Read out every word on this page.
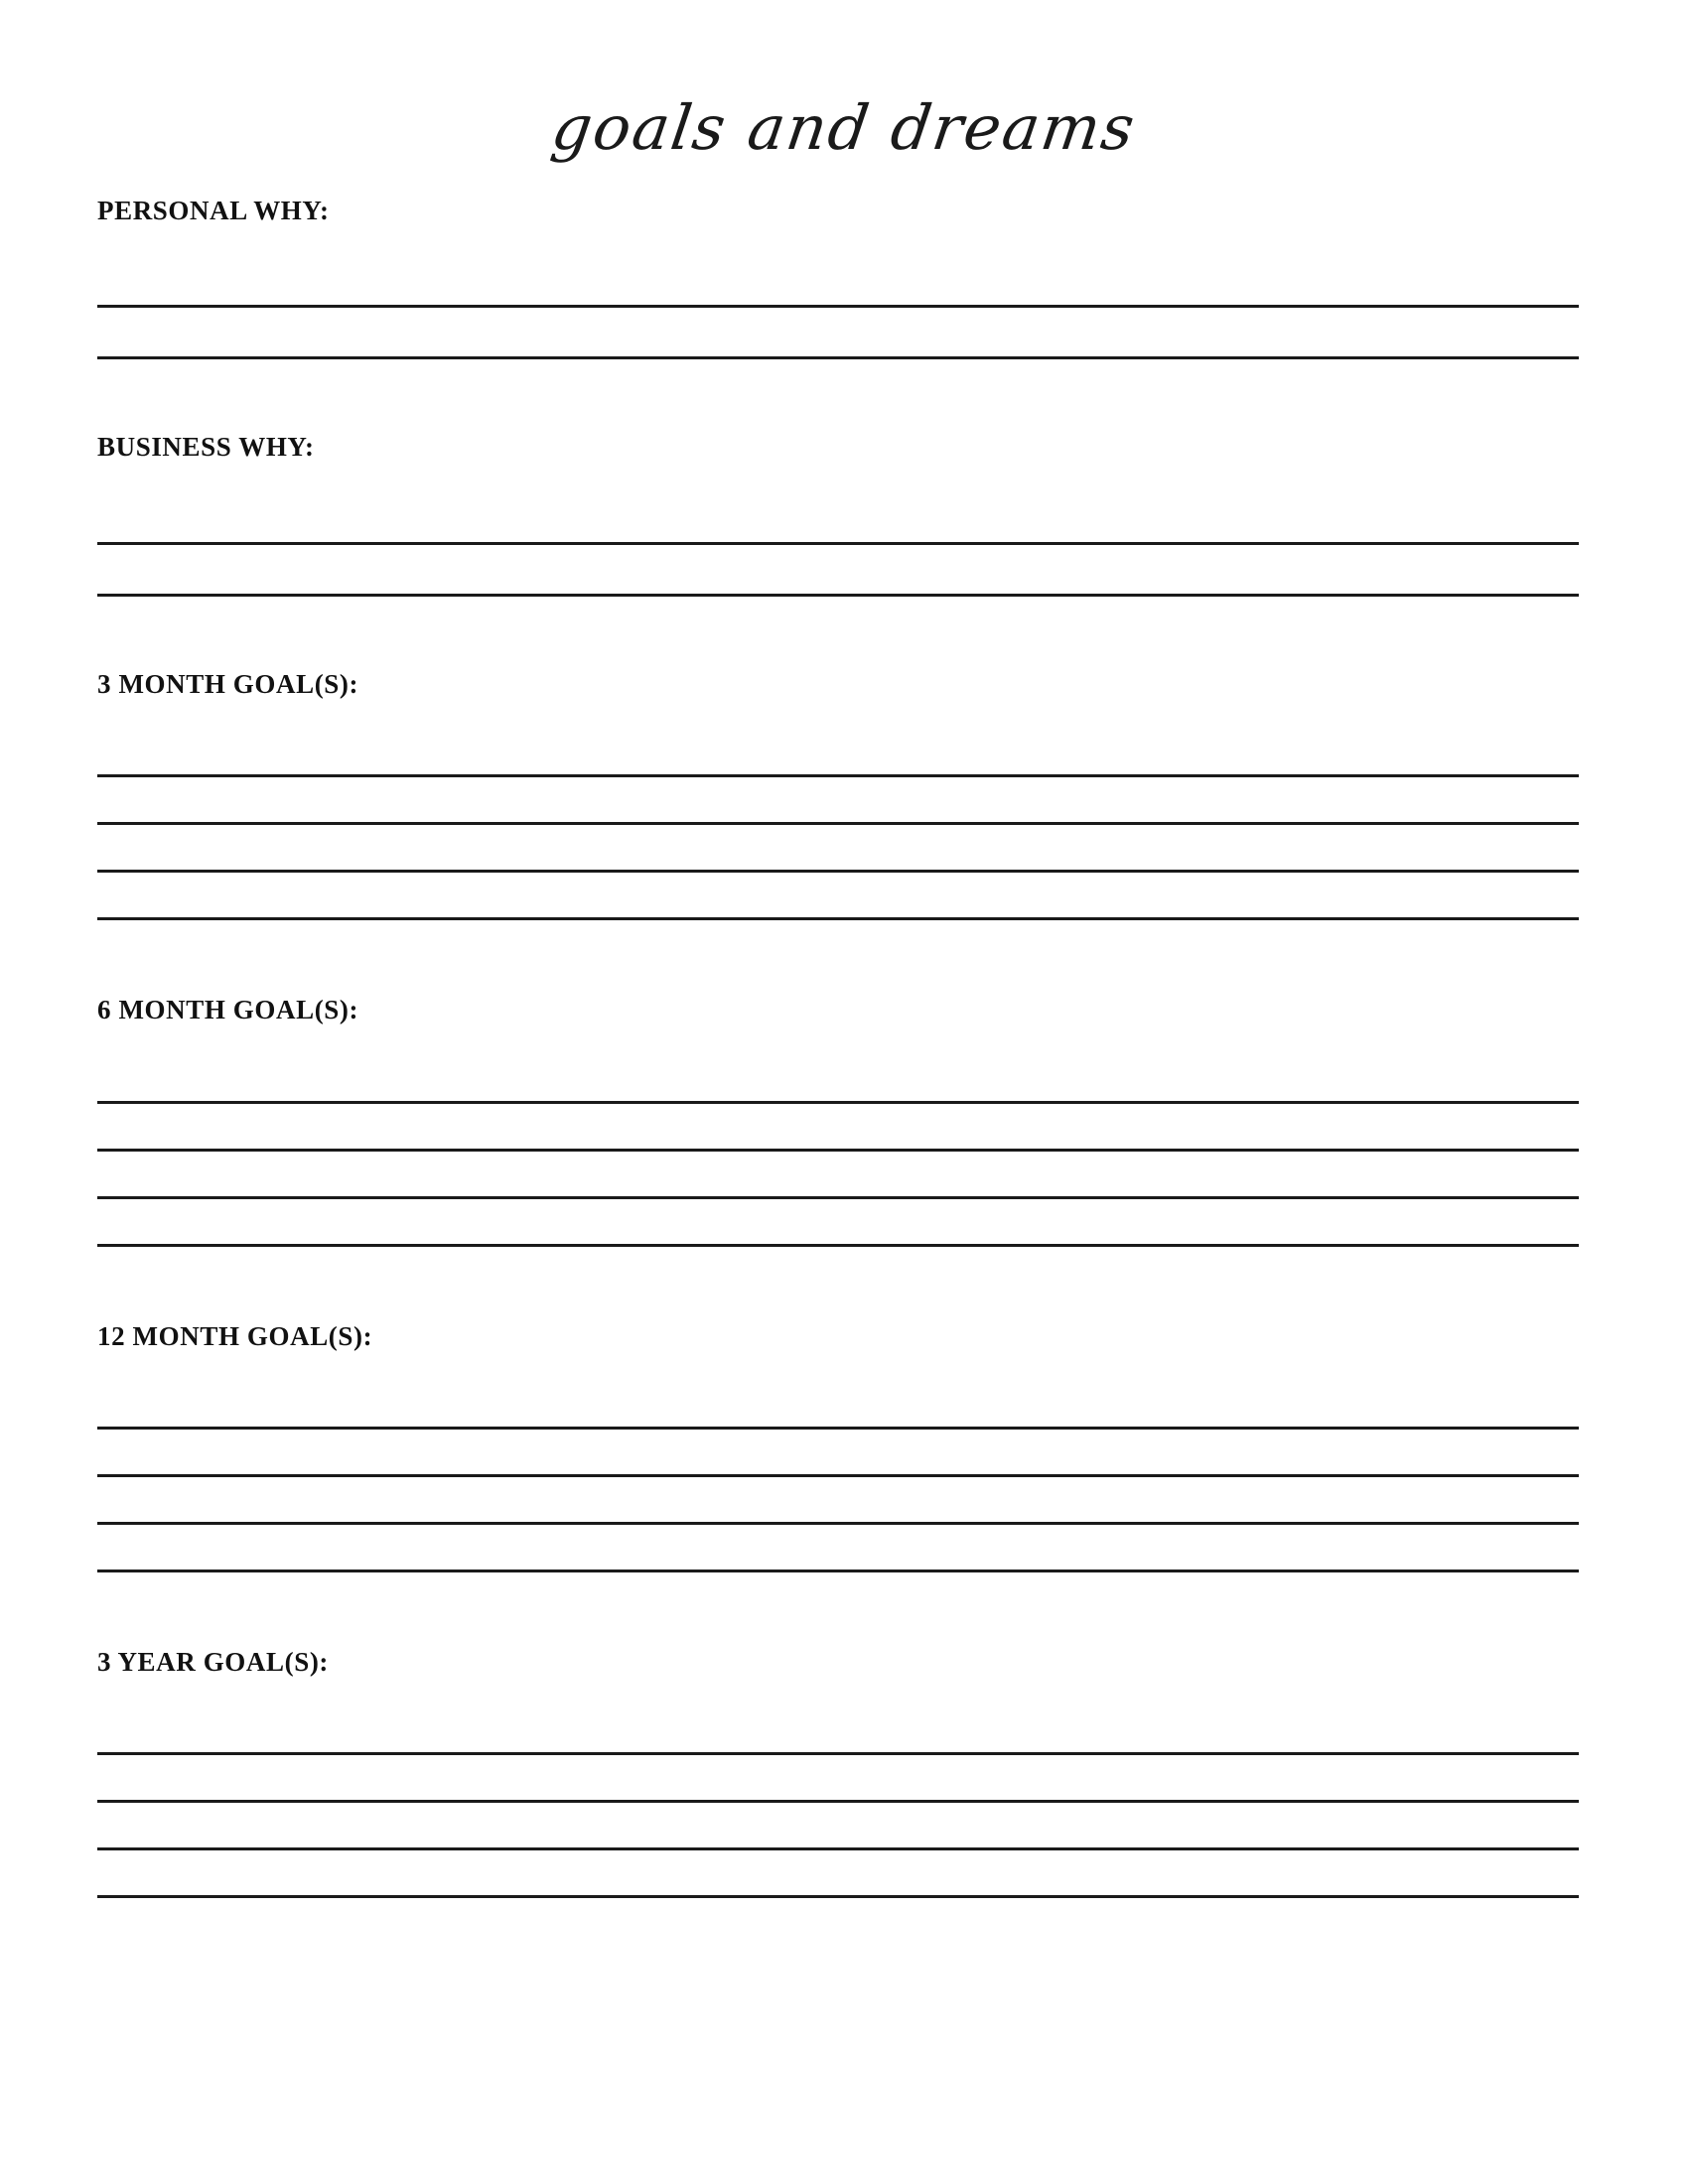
goals and dreams
PERSONAL WHY:
BUSINESS WHY:
3 MONTH GOAL(S):
6 MONTH GOAL(S):
12 MONTH GOAL(S):
3 YEAR GOAL(S):
